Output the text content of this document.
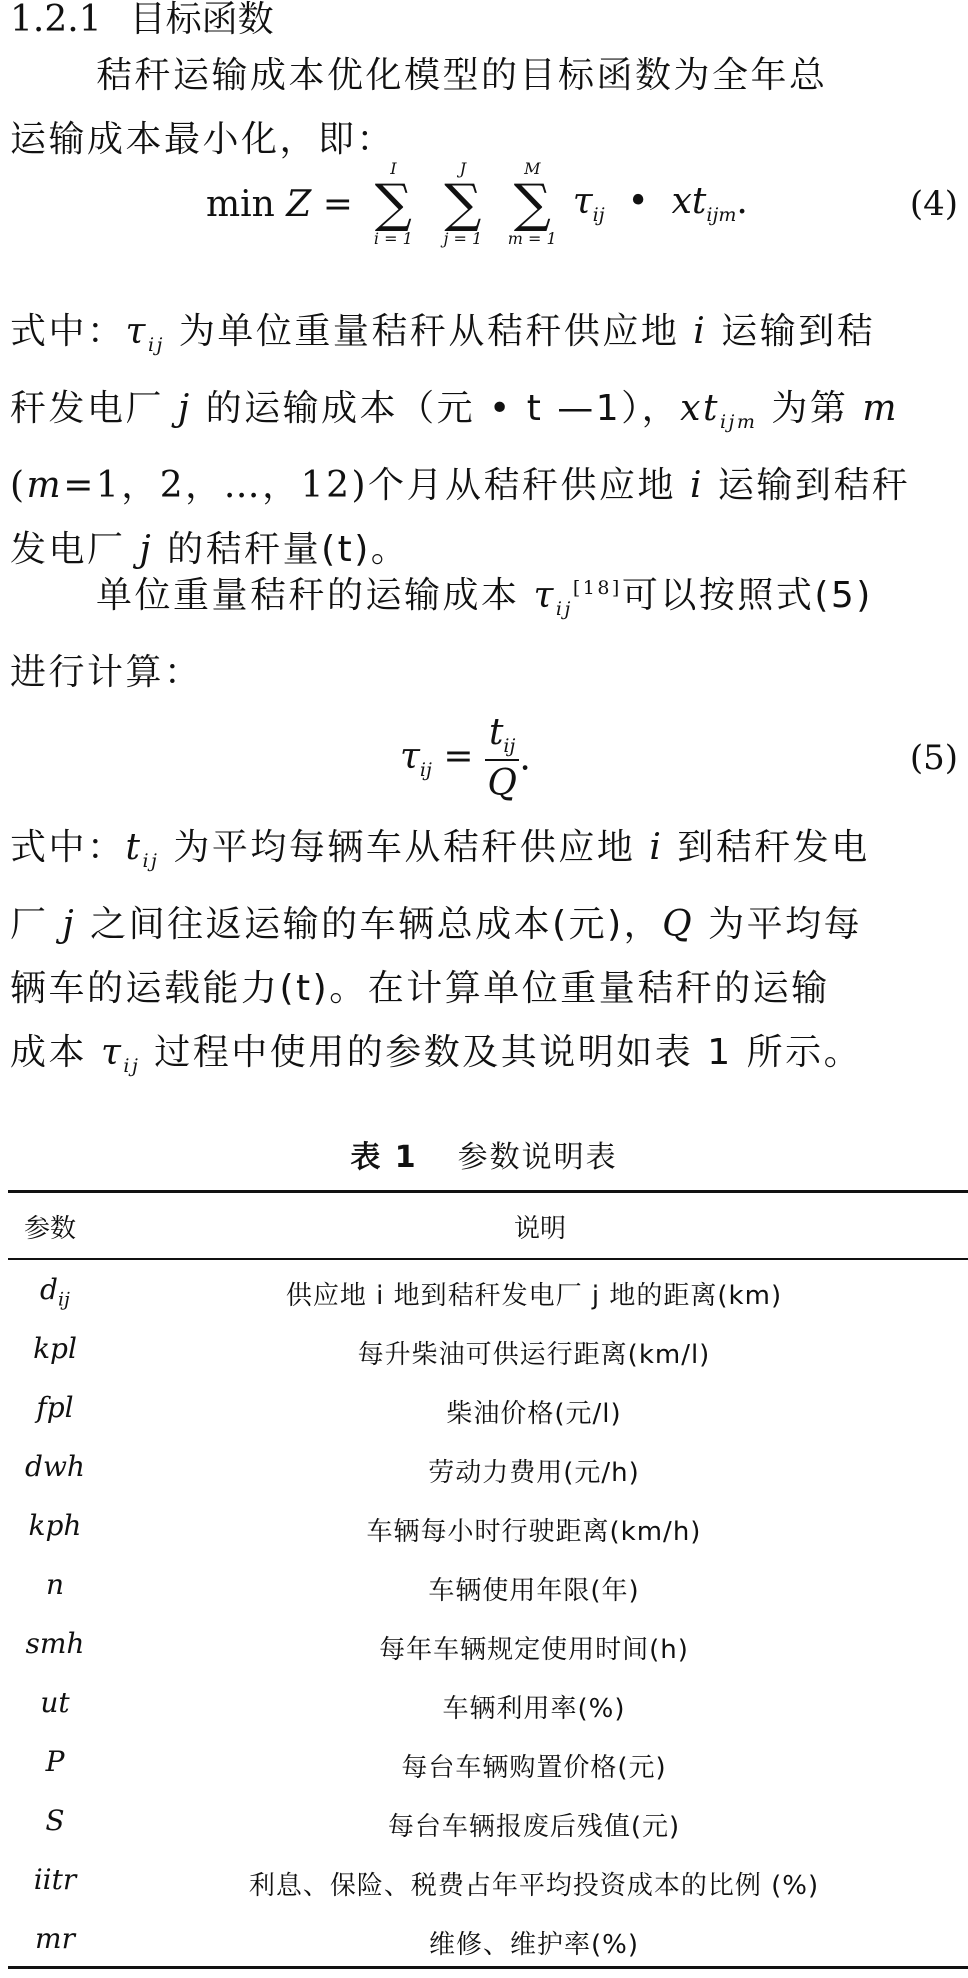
1.2.1 目标函数
秸秆运输成本优化模型的目标函数为全年总
运输成本最小化，即：
min Z =
I
∑
i = 1

J
∑
j = 1

M
∑
m = 1
$\tau_{ij}$ • $xt_{ijm}$.	(4)
式中：$\tau_{ij}$ 为单位重量秸秆从秸秆供应地 i 运输到秸
秆发电厂 j 的运输成本（元 • t —1），$xt_{ijm}$ 为第 m
(m=1，2，…，12)个月从秸秆供应地 i 运输到秸秆
发电厂 j 的秸秆量(t)。
单位重量秸秆的运输成本 $\tau_{ij}[18]$可以按照式(5)
进行计算：
$\tau_{ij} = \frac{t_{ij}}{Q}$ .	(5)
式中：$t_{ij}$ 为平均每辆车从秸秆供应地 i 到秸秆发电
厂 j 之间往返运输的车辆总成本(元)，Q 为平均每
辆车的运载能力(t)。在计算单位重量秸秆的运输
成本 $\tau_{ij}$ 过程中使用的参数及其说明如表 1 所示。
表 1 参数说明表
参数	说明
$d_{ij}$	供应地 i 地到秸秆发电厂 j 地的距离(km)
kpl	每升柴油可供运行距离(km/l)
fpl	柴油价格(元/l)
dwh	劳动力费用(元/h)
kph	车辆每小时行驶距离(km/h)
n	车辆使用年限(年)
smh	每年车辆规定使用时间(h)
ut	车辆利用率(%)
P	每台车辆购置价格(元)
S	每台车辆报废后残值(元)
iitr	利息、保险、税费占年平均投资成本的比例 (%)
mr	维修、维护率(%)
